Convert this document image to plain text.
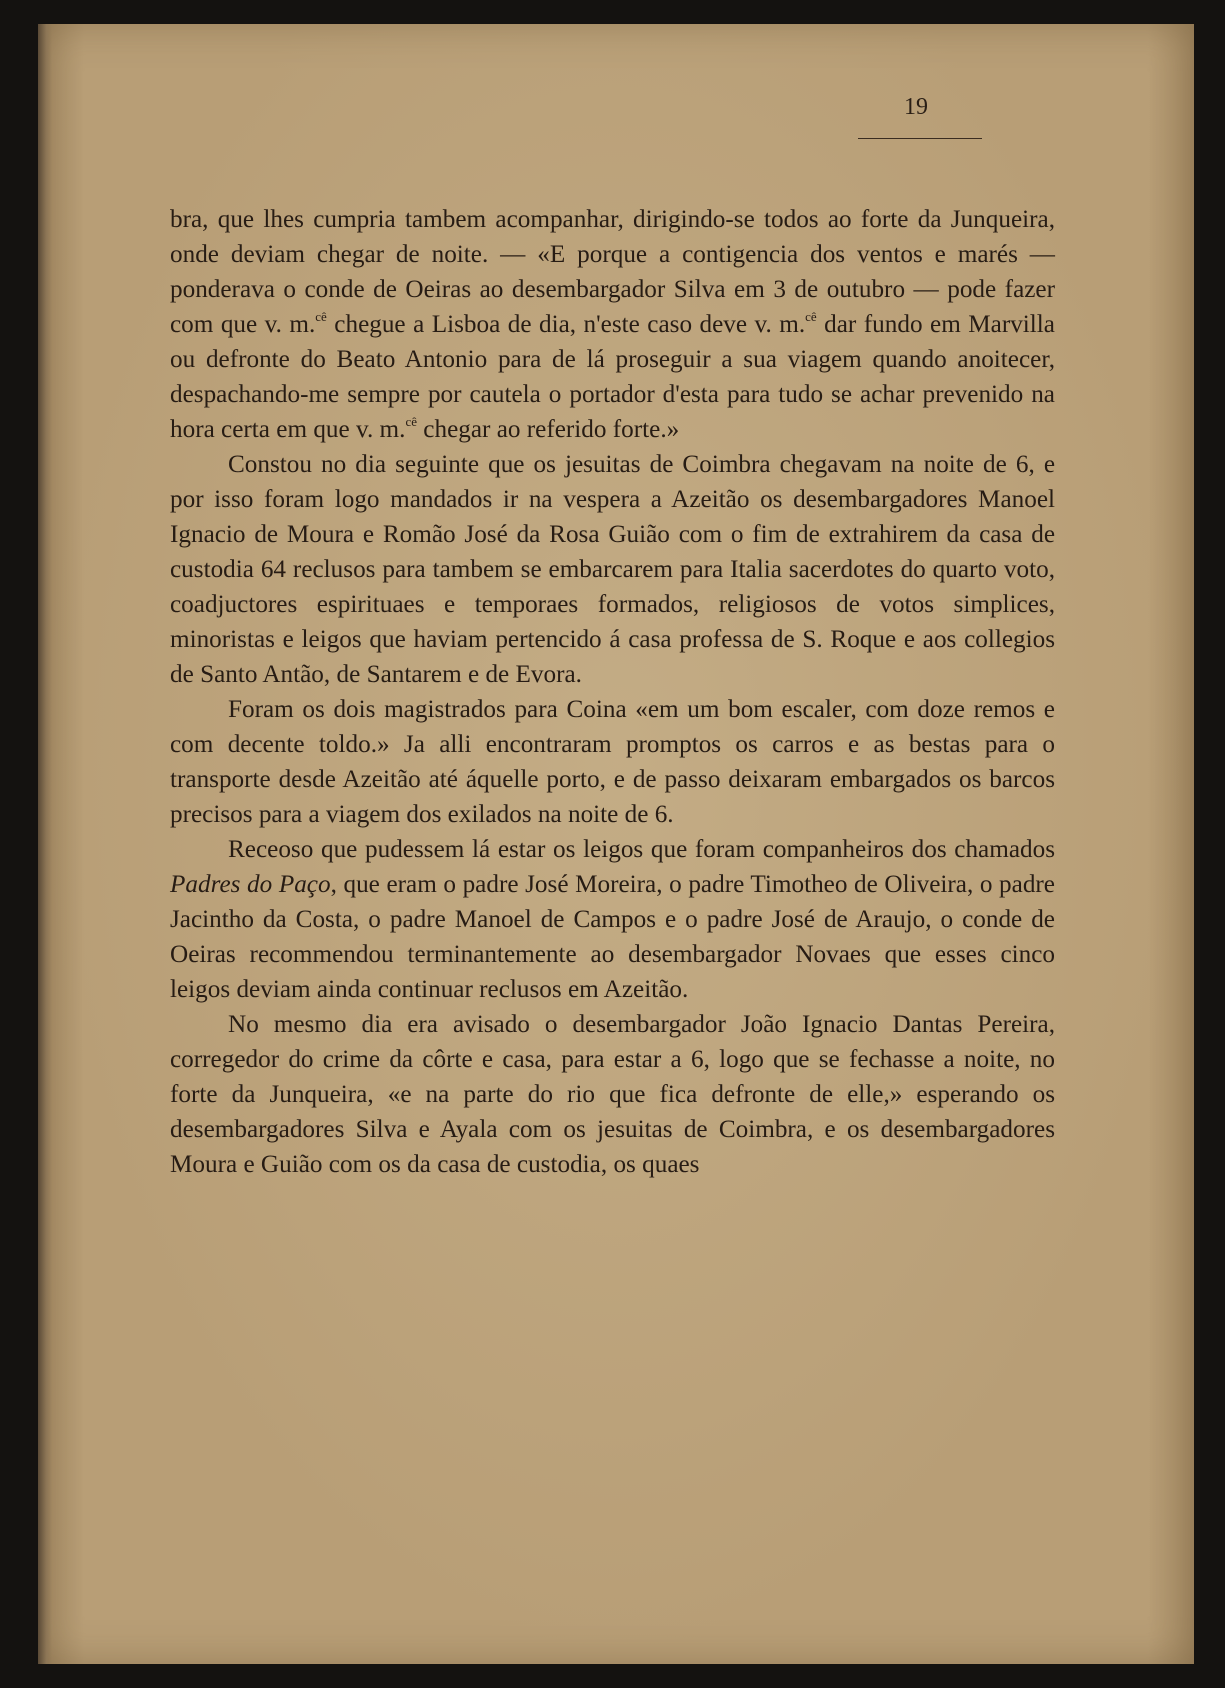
19

bra, que lhes cumpria tambem acompanhar, dirigindo-se todos ao forte da Junqueira, onde deviam chegar de noite. — «E porque a contigencia dos ventos e marés — ponderava o conde de Oeiras ao desembargador Silva em 3 de outubro — pode fazer com que v. m.$^{cê}$ chegue a Lisboa de dia, n'este caso deve v. m.$^{cê}$ dar fundo em Marvilla ou defronte do Beato Antonio para de lá proseguir a sua viagem quando anoitecer, despachando-me sempre por cautela o portador d'esta para tudo se achar prevenido na hora certa em que v. m.$^{cê}$ chegar ao referido forte.»

Constou no dia seguinte que os jesuitas de Coimbra chegavam na noite de 6, e por isso foram logo mandados ir na vespera a Azeitão os desembargadores Manoel Ignacio de Moura e Romão José da Rosa Guião com o fim de extrahirem da casa de custodia 64 reclusos para tambem se embarcarem para Italia sacerdotes do quarto voto, coadjuctores espirituaes e temporaes formados, religiosos de votos simplices, minoristas e leigos que haviam pertencido á casa professa de S. Roque e aos collegios de Santo Antão, de Santarem e de Evora.

Foram os dois magistrados para Coina «em um bom escaler, com doze remos e com decente toldo.» Ja alli encontraram promptos os carros e as bestas para o transporte desde Azeitão até áquelle porto, e de passo deixaram embargados os barcos precisos para a viagem dos exilados na noite de 6.

Receoso que pudessem lá estar os leigos que foram companheiros dos chamados Padres do Paço, que eram o padre José Moreira, o padre Timotheo de Oliveira, o padre Jacintho da Costa, o padre Manoel de Campos e o padre José de Araujo, o conde de Oeiras recommendou terminantemente ao desembargador Novaes que esses cinco leigos deviam ainda continuar reclusos em Azeitão.

No mesmo dia era avisado o desembargador João Ignacio Dantas Pereira, corregedor do crime da côrte e casa, para estar a 6, logo que se fechasse a noite, no forte da Junqueira, «e na parte do rio que fica defronte de elle,» esperando os desembargadores Silva e Ayala com os jesuitas de Coimbra, e os desembargadores Moura e Guião com os da casa de custodia, os quaes
